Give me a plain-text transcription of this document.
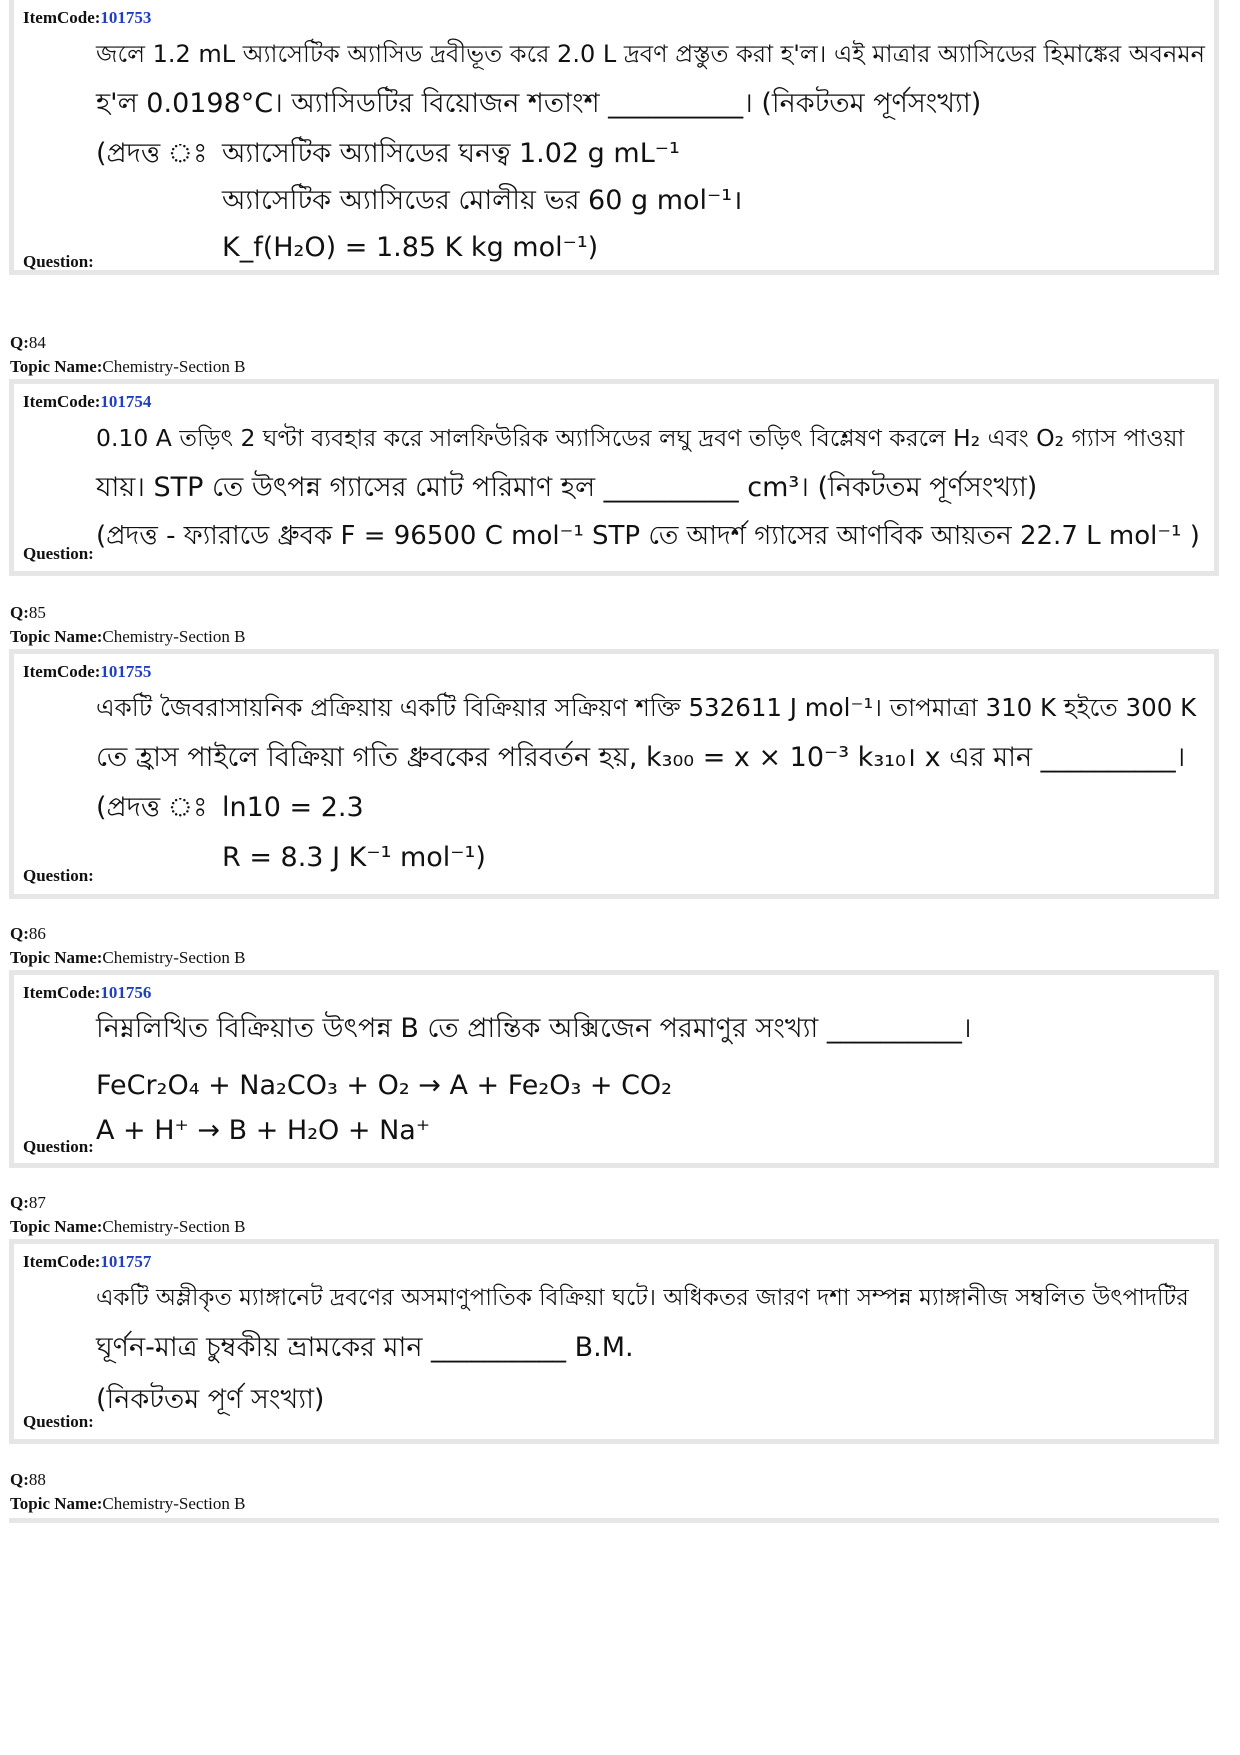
ItemCode:101753
জলে 1.2 mL অ্যাসেটিক অ্যাসিড দ্রবীভূত করে 2.0 L দ্রবণ প্রস্তুত করা হ'ল। এই মাত্রার অ্যাসিডের হিমাঙ্কের অবনমন
হ'ল 0.0198°C। অ্যাসিডটির বিয়োজন শতাংশ __________। (নিকটতম পূর্ণসংখ্যা)
(প্রদত্ত ঃ অ্যাসেটিক অ্যাসিডের ঘনত্ব 1.02 g mL⁻¹
অ্যাসেটিক অ্যাসিডের মোলীয় ভর 60 g mol⁻¹।
K_f(H₂O) = 1.85 K kg mol⁻¹)
Question:
Q:84
Topic Name:Chemistry-Section B
ItemCode:101754
0.10 A তড়িৎ 2 ঘণ্টা ব্যবহার করে সালফিউরিক অ্যাসিডের লঘু দ্রবণ তড়িৎ বিশ্লেষণ করলে H₂ এবং O₂ গ্যাস পাওয়া
যায়। STP তে উৎপন্ন গ্যাসের মোট পরিমাণ হল __________ cm³। (নিকটতম পূর্ণসংখ্যা)
(প্রদত্ত - ফ্যারাডে ধ্রুবক F = 96500 C mol⁻¹ STP তে আদর্শ গ্যাসের আণবিক আয়তন 22.7 L mol⁻¹ )
Question:
Q:85
Topic Name:Chemistry-Section B
ItemCode:101755
একটি জৈবরাসায়নিক প্রক্রিয়ায় একটি বিক্রিয়ার সক্রিয়ণ শক্তি 532611 J mol⁻¹। তাপমাত্রা 310 K হইতে 300 K
তে হ্রাস পাইলে বিক্রিয়া গতি ধ্রুবকের পরিবর্তন হয়, k₃₀₀ = x × 10⁻³ k₃₁₀। x এর মান __________।
(প্রদত্ত ঃ ln10 = 2.3
R = 8.3 J K⁻¹ mol⁻¹)
Question:
Q:86
Topic Name:Chemistry-Section B
ItemCode:101756
নিম্নলিখিত বিক্রিয়াত উৎপন্ন B তে প্রান্তিক অক্সিজেন পরমাণুর সংখ্যা __________।
FeCr₂O₄ + Na₂CO₃ + O₂ → A + Fe₂O₃ + CO₂
A + H⁺ → B + H₂O + Na⁺
Question:
Q:87
Topic Name:Chemistry-Section B
ItemCode:101757
একটি অম্লীকৃত ম্যাঙ্গানেট দ্রবণের অসমাণুপাতিক বিক্রিয়া ঘটে। অধিকতর জারণ দশা সম্পন্ন ম্যাঙ্গানীজ সম্বলিত উৎপাদটির
ঘূর্ণন-মাত্র চুম্বকীয় ভ্রামকের মান __________ B.M.
(নিকটতম পূর্ণ সংখ্যা)
Question:
Q:88
Topic Name:Chemistry-Section B
